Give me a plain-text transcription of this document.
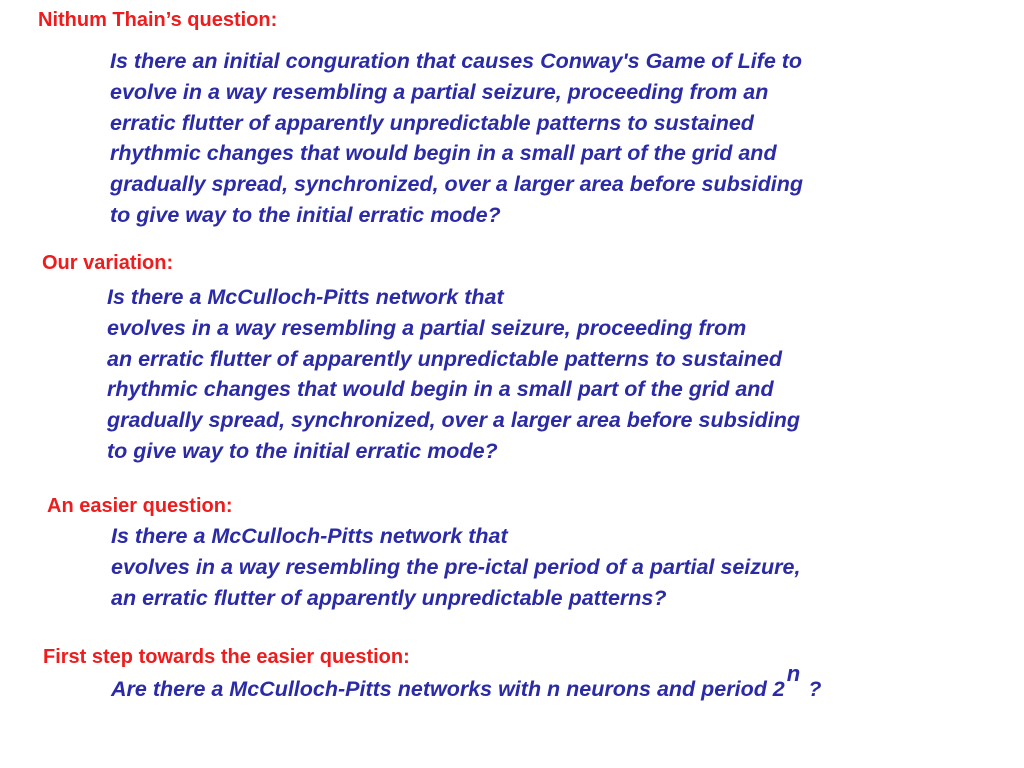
Nithum Thain’s question:
Is there an initial conguration that causes Conway's Game of Life to
evolve in a way resembling a partial seizure, proceeding from an
erratic flutter of apparently unpredictable patterns to sustained
rhythmic changes that would begin in a small part of the grid and
gradually spread, synchronized, over a larger area before subsiding
to give way to the initial erratic mode?
Our variation:
Is there a McCulloch-Pitts network that
evolves in a way resembling a partial seizure, proceeding from
an erratic flutter of apparently unpredictable patterns to sustained
rhythmic changes that would begin in a small part of the grid and
gradually spread, synchronized, over a larger area before subsiding
to give way to the initial erratic mode?
An easier question:
Is there a McCulloch-Pitts network that
evolves in a way resembling the pre-ictal period of a partial seizure,
an erratic flutter of apparently unpredictable patterns?
First step towards the easier question:
Are there a McCulloch-Pitts networks with n neurons and period 2n?
